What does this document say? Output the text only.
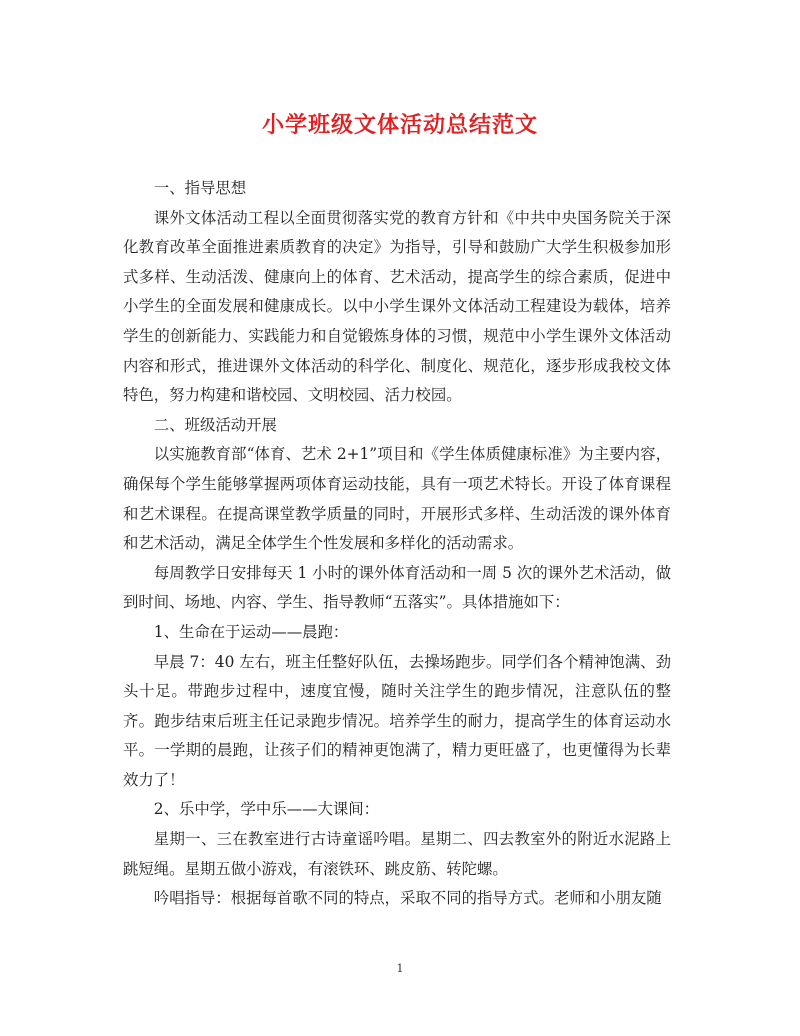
小学班级文体活动总结范文

一、指导思想

课外文体活动工程以全面贯彻落实党的教育方针和《中共中央国务院关于深化教育改革全面推进素质教育的决定》为指导，引导和鼓励广大学生积极参加形式多样、生动活泼、健康向上的体育、艺术活动，提高学生的综合素质，促进中小学生的全面发展和健康成长。以中小学生课外文体活动工程建设为载体，培养学生的创新能力、实践能力和自觉锻炼身体的习惯，规范中小学生课外文体活动内容和形式，推进课外文体活动的科学化、制度化、规范化，逐步形成我校文体特色，努力构建和谐校园、文明校园、活力校园。

二、班级活动开展

以实施教育部“体育、艺术 2+1”项目和《学生体质健康标准》为主要内容，确保每个学生能够掌握两项体育运动技能，具有一项艺术特长。开设了体育课程和艺术课程。在提高课堂教学质量的同时，开展形式多样、生动活泼的课外体育和艺术活动，满足全体学生个性发展和多样化的活动需求。

每周教学日安排每天 1 小时的课外体育活动和一周 5 次的课外艺术活动，做到时间、场地、内容、学生、指导教师“五落实”。具体措施如下：

1、生命在于运动——晨跑：

早晨 7：40 左右，班主任整好队伍，去操场跑步。同学们各个精神饱满、劲头十足。带跑步过程中，速度宜慢，随时关注学生的跑步情况，注意队伍的整齐。跑步结束后班主任记录跑步情况。培养学生的耐力，提高学生的体育运动水平。一学期的晨跑，让孩子们的精神更饱满了，精力更旺盛了，也更懂得为长辈效力了！

2、乐中学，学中乐——大课间：

星期一、三在教室进行古诗童谣吟唱。星期二、四去教室外的附近水泥路上跳短绳。星期五做小游戏，有滚铁环、跳皮筋、转陀螺。

吟唱指导：根据每首歌不同的特点，采取不同的指导方式。老师和小朋友随

1
